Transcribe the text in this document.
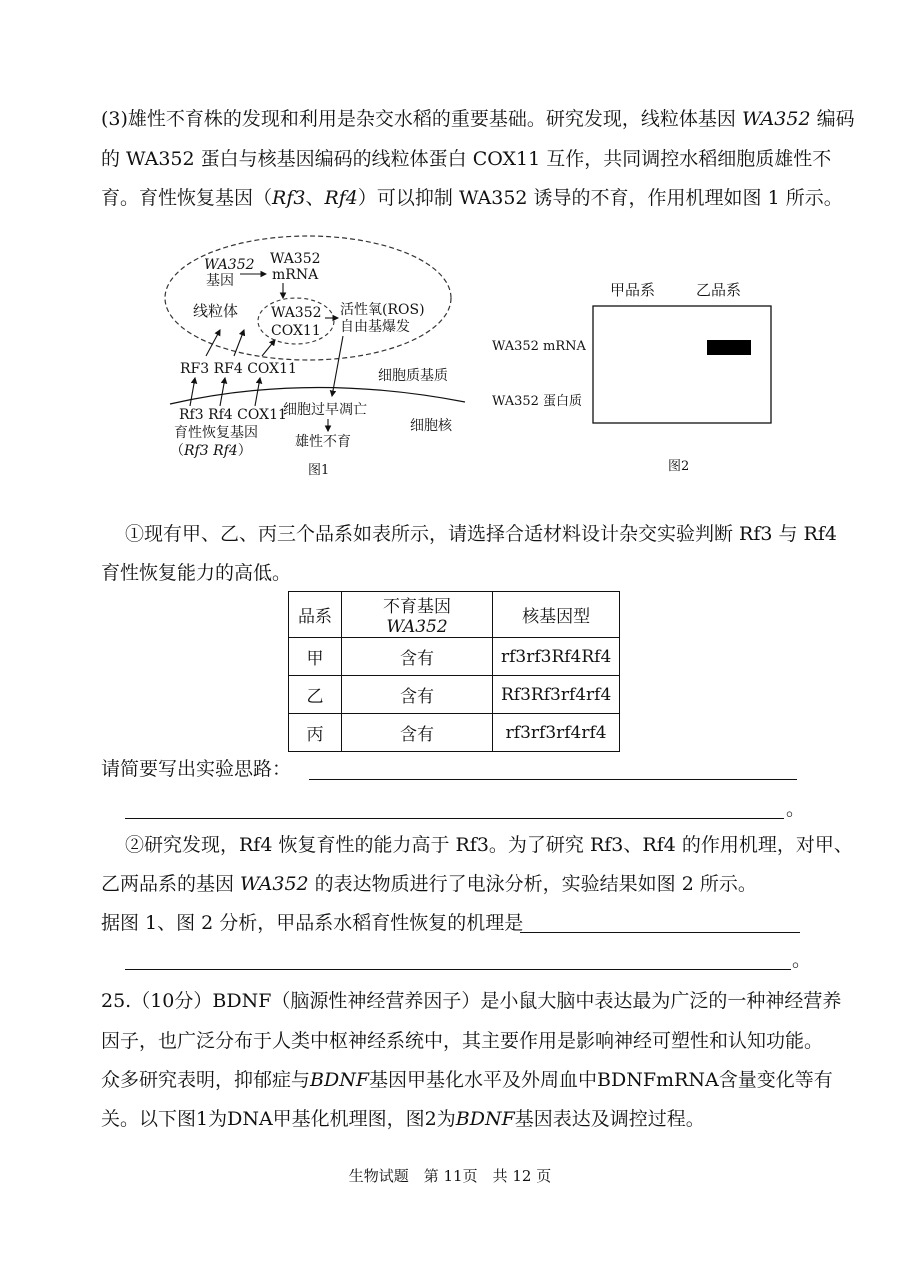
(3)雄性不育株的发现和利用是杂交水稻的重要基础。研究发现，线粒体基因 WA352 编码
的 WA352 蛋白与核基因编码的线粒体蛋白 COX11 互作，共同调控水稻细胞质雄性不
育。育性恢复基因（Rf3、Rf4）可以抑制 WA352 诱导的不育，作用机理如图 1 所示。
WA352
基因
WA352
mRNA
线粒体 WA352
COX11
活性氧(ROS)
自由基爆发
RF3 RF4 COX11	细胞质基质
Rf3 Rf4 COX11
细胞过早凋亡
育性恢复基因
（Rf3 Rf4）
细胞核
雄性不育
图1
甲品系	乙品系
WA352 mRNA
WA352 蛋白质
图2
①现有甲、乙、丙三个品系如表所示，请选择合适材料设计杂交实验判断 Rf3 与 Rf4
育性恢复能力的高低。
品系	不育基因 WA352	核基因型
甲	含有	rf3rf3Rf4Rf4
乙	含有	Rf3Rf3rf4rf4
丙	含有	rf3rf3rf4rf4
请简要写出实验思路：
。
②研究发现，Rf4 恢复育性的能力高于 Rf3。为了研究 Rf3、Rf4 的作用机理，对甲、
乙两品系的基因 WA352 的表达物质进行了电泳分析，实验结果如图 2 所示。
据图 1、图 2 分析，甲品系水稻育性恢复的机理是
。
25.（10分）BDNF（脑源性神经营养因子）是小鼠大脑中表达最为广泛的一种神经营养
因子，也广泛分布于人类中枢神经系统中，其主要作用是影响神经可塑性和认知功能。
众多研究表明，抑郁症与BDNF基因甲基化水平及外周血中BDNFmRNA含量变化等有
关。以下图1为DNA甲基化机理图，图2为BDNF基因表达及调控过程。
生物试题　第 11页　共 12 页
